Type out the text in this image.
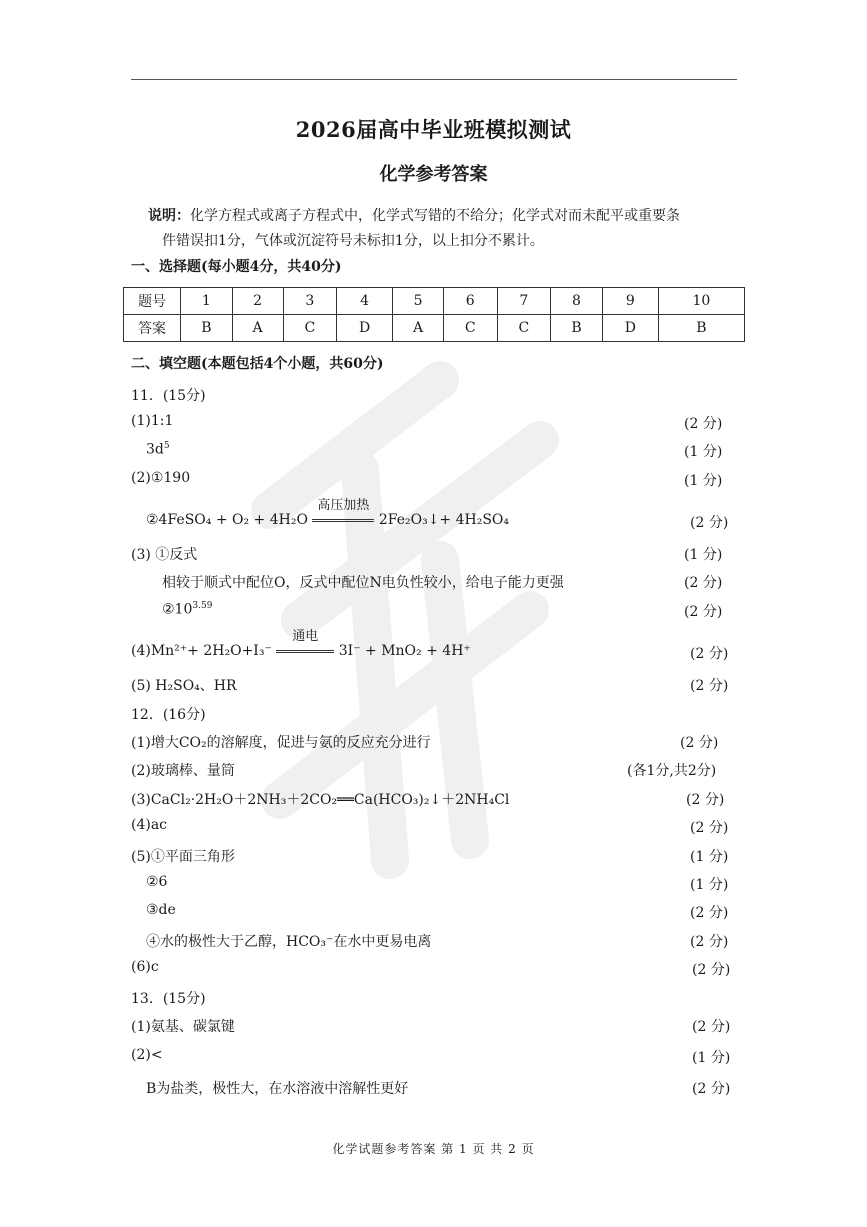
2026届高中毕业班模拟测试
化学参考答案
说明：化学方程式或离子方程式中，化学式写错的不给分；化学式对而未配平或重要条
件错误扣1分，气体或沉淀符号未标扣1分，以上扣分不累计。
一、选择题(每小题4分，共40分)
题号	1	2	3	4	5	6	7	8	9	10
答案	B	A	C	D	A	C	C	B	D	B
二、填空题(本题包括4个小题，共60分)
11．(15分)
(1)1:1	(2 分)
$3d^5$	(1 分)
(2)①190	(1 分)
②4FeSO₄ + O₂ + 4H₂O
高压加热
2Fe₂O₃↓+ 4H₂SO₄	(2 分)
(3) ①反式	(1 分)
相较于顺式中配位O，反式中配位N电负性较小，给电子能力更强	(2 分)
$②10^{3.59}$	(2 分)
(4)Mn²⁺+ 2H₂O+I₃⁻
通电
3I⁻ + MnO₂ + 4H⁺	(2 分)
(5) H₂SO₄、HR	(2 分)
12．(16分)
(1)增大CO₂的溶解度，促进与氨的反应充分进行	(2 分)
(2)玻璃棒、量筒	(各1分,共2分)
(3)CaCl₂·2H₂O＋2NH₃＋2CO₂══Ca(HCO₃)₂↓＋2NH₄Cl	(2 分)
(4)ac	(2 分)
(5)①平面三角形	(1 分)
②6	(1 分)
③de	(2 分)
④水的极性大于乙醇，HCO₃⁻在水中更易电离	(2 分)
(6)c	(2 分)
13．(15分)
(1)氨基、碳氯键	(2 分)
(2)<	(1 分)
B为盐类，极性大，在水溶液中溶解性更好	(2 分)
化学试题参考答案 第 1 页 共 2 页
